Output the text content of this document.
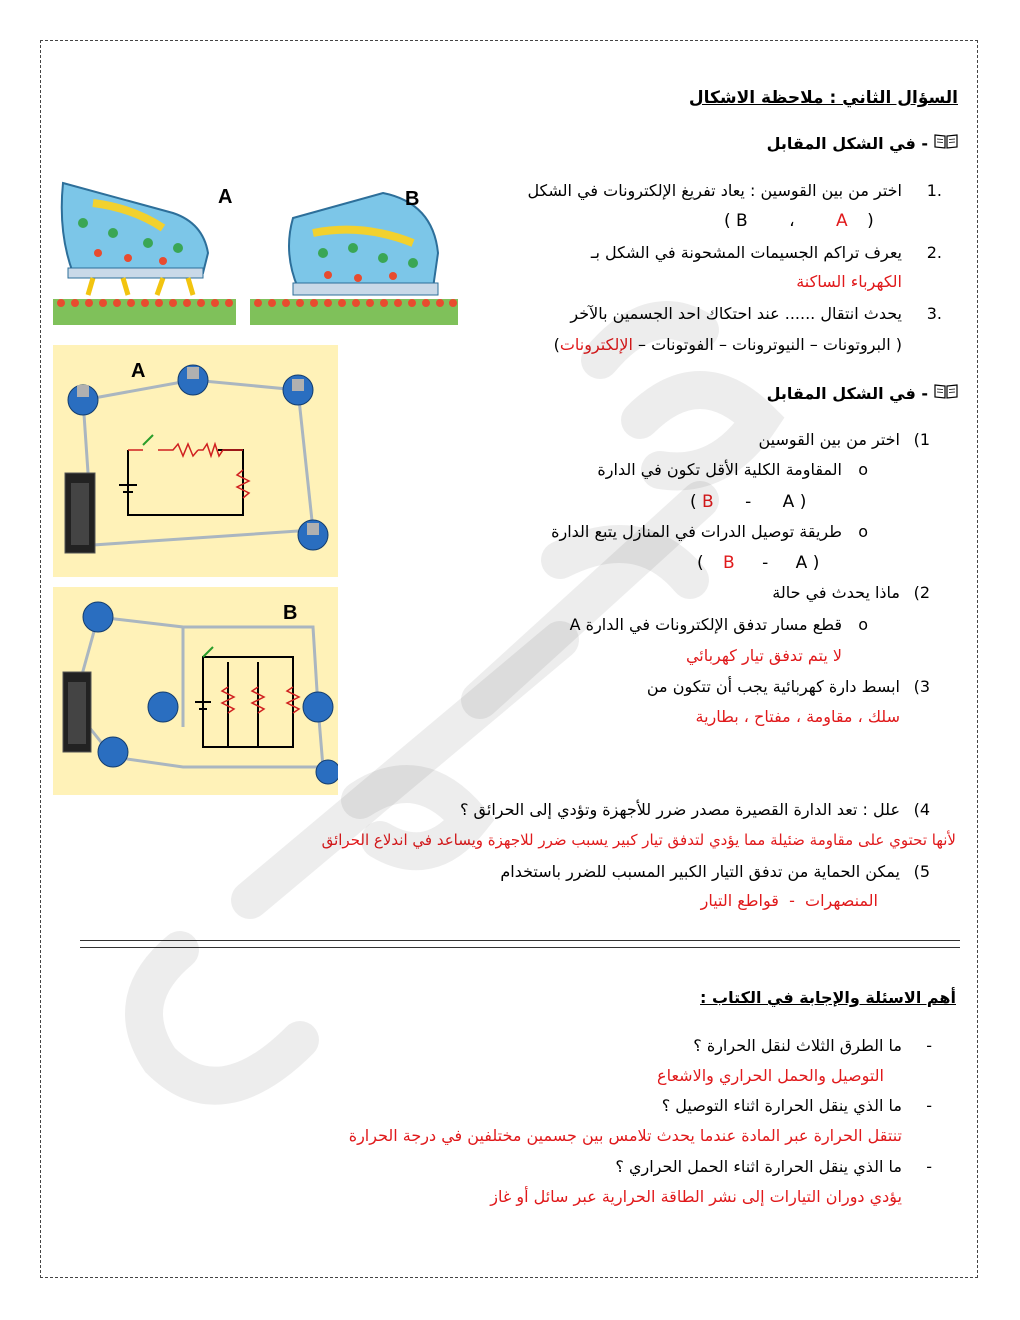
السؤال الثاني : ملاحظة الاشكال
- في الشكل المقابل
A	B	.1
اختر من بين القوسين : يعاد تفريغ الإلكترونات في الشكل
( B ، A )
.2
يعرف تراكم الجسيمات المشحونة في الشكل بـ
الكهرباء الساكنة
.3
يحدث انتقال ...... عند احتكاك احد الجسمين بالآخر
( البروتونات – النيوترونات – الفوتونات – الإلكترونات)
- في الشكل المقابل
A
B
1)
اختر من بين القوسين
o
المقاومة الكلية الأقل تكون في الدارة
( B - A )
o
طريقة توصيل الدرات في المنازل يتبع الدارة
( B - A )
2)
ماذا يحدث في حالة
o
قطع مسار تدفق الإلكترونات في الدارة A
لا يتم تدفق تيار كهربائي
3)
ابسط دارة كهربائية يجب أن تتكون من
سلك ، مقاومة ، مفتاح ، بطارية
4)
علل : تعد الدارة القصيرة مصدر ضرر للأجهزة وتؤدي إلى الحرائق ؟
لأنها تحتوي على مقاومة ضئيلة مما يؤدي لتدفق تيار كبير يسبب ضرر للاجهزة ويساعد في اندلاع الحرائق
5)
يمكن الحماية من تدفق التيار الكبير المسبب للضرر باستخدام
المنصهرات  -  قواطع التيار
أهم الاسئلة والإجابة في الكتاب :
-
ما الطرق الثلاث لنقل الحرارة ؟
التوصيل والحمل الحراري والاشعاع
-
ما الذي ينقل الحرارة اثناء التوصيل ؟
تنتقل الحرارة عبر المادة عندما يحدث تلامس بين جسمين مختلفين في درجة الحرارة
-
ما الذي ينقل الحرارة اثناء الحمل الحراري ؟
يؤدي دوران التيارات إلى نشر الطاقة الحرارية عبر سائل أو غاز
